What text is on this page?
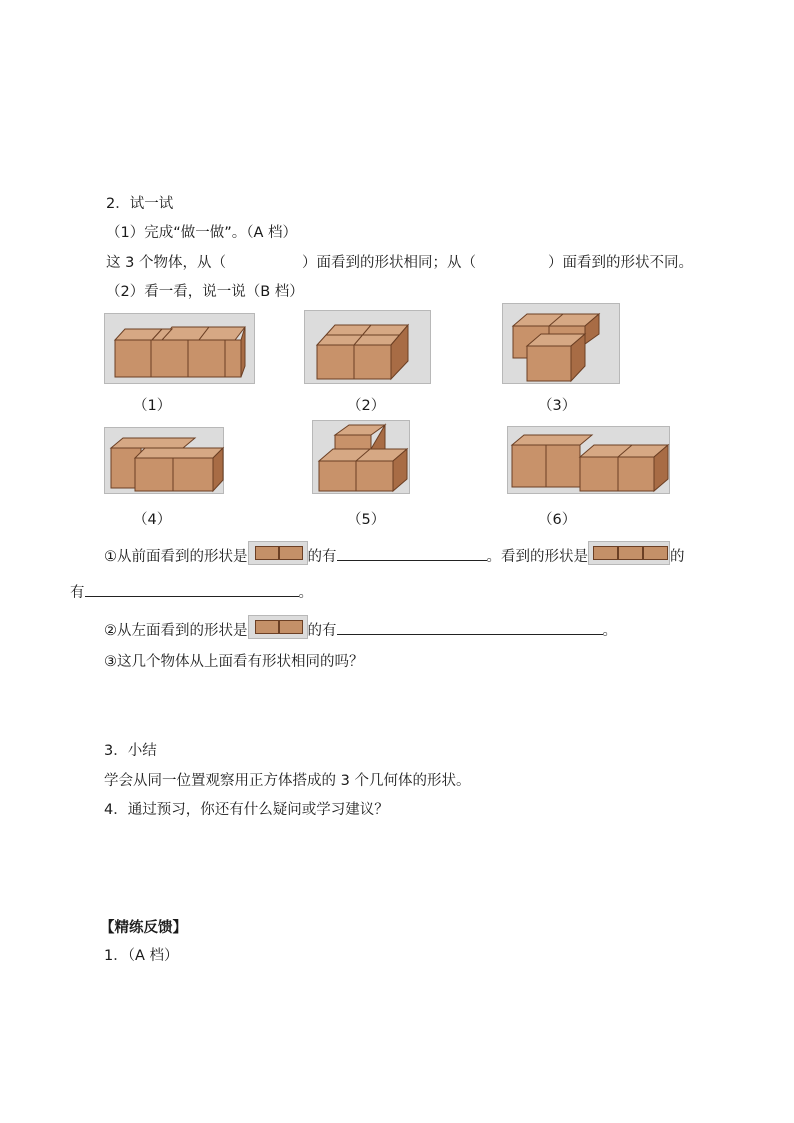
2．试一试
（1）完成“做一做”。（A 档）
这 3 个物体，从（	）面看到的形状相同；从（	）面看到的形状不同。
（2）看一看，说一说（B 档）
（1）	（2）	（3）
（4）	（5）	（6）
①从前面看到的形状是	的有	。看到的形状是	的
有	。
②从左面看到的形状是	的有	。
③这几个物体从上面看有形状相同的吗？
3．小结
学会从同一位置观察用正方体搭成的 3 个几何体的形状。
4．通过预习，你还有什么疑问或学习建议？
【精练反馈】
1．（A 档）
